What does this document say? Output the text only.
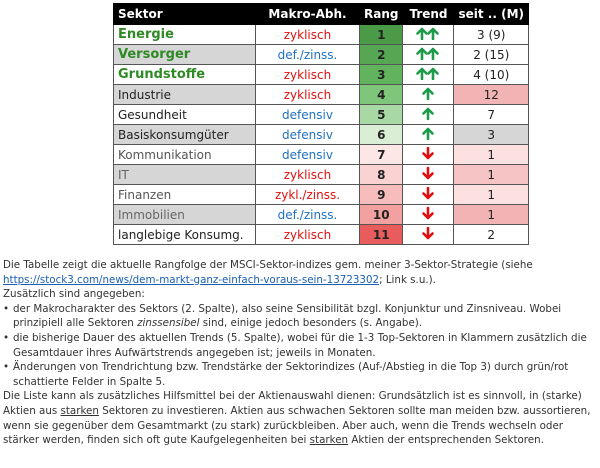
Sektor	Makro-Abh.	Rang	Trend	seit .. (M)
Energie	zyklisch	1		3 (9)
Versorger	def./zinss.	2		2 (15)
Grundstoffe	zyklisch	3		4 (10)
Industrie	zyklisch	4		12
Gesundheit	defensiv	5		7
Basiskonsumgüter	defensiv	6		3
Kommunikation	defensiv	7		1
IT	zyklisch	8		1
Finanzen	zykl./zinss.	9		1
Immobilien	def./zinss.	10		1
langlebige Konsumg.	zyklisch	11		2

Die Tabelle zeigt die aktuelle Rangfolge der MSCI-Sektor-indizes gem. meiner 3-Sektor-Strategie (siehe
https://stock3.com/news/dem-markt-ganz-einfach-voraus-sein-13723302; Link s.u.).

Zusätzlich sind angegeben:

• der Makrocharakter des Sektors (2. Spalte), also seine Sensibilität bzgl. Konjunktur und Zinsniveau. Wobei prinzipiell alle Sektoren zinssensibel sind, einige jedoch besonders (s. Angabe).
• die bisherige Dauer des aktuellen Trends (5. Spalte), wobei für die 1-3 Top-Sektoren in Klammern zusätzlich die Gesamtdauer ihres Aufwärtstrends angegeben ist; jeweils in Monaten.
• Änderungen von Trendrichtung bzw. Trendstärke der Sektorindizes (Auf-/Abstieg in die Top 3) durch grün/rot schattierte Felder in Spalte 5.

Die Liste kann als zusätzliches Hilfsmittel bei der Aktienauswahl dienen: Grundsätzlich ist es sinnvoll, in (starke) Aktien aus starken Sektoren zu investieren. Aktien aus schwachen Sektoren sollte man meiden bzw. aussortieren, wenn sie gegenüber dem Gesamtmarkt (zu stark) zurückbleiben. Aber auch, wenn die Trends wechseln oder stärker werden, finden sich oft gute Kaufgelegenheiten bei starken Aktien der entsprechenden Sektoren.
